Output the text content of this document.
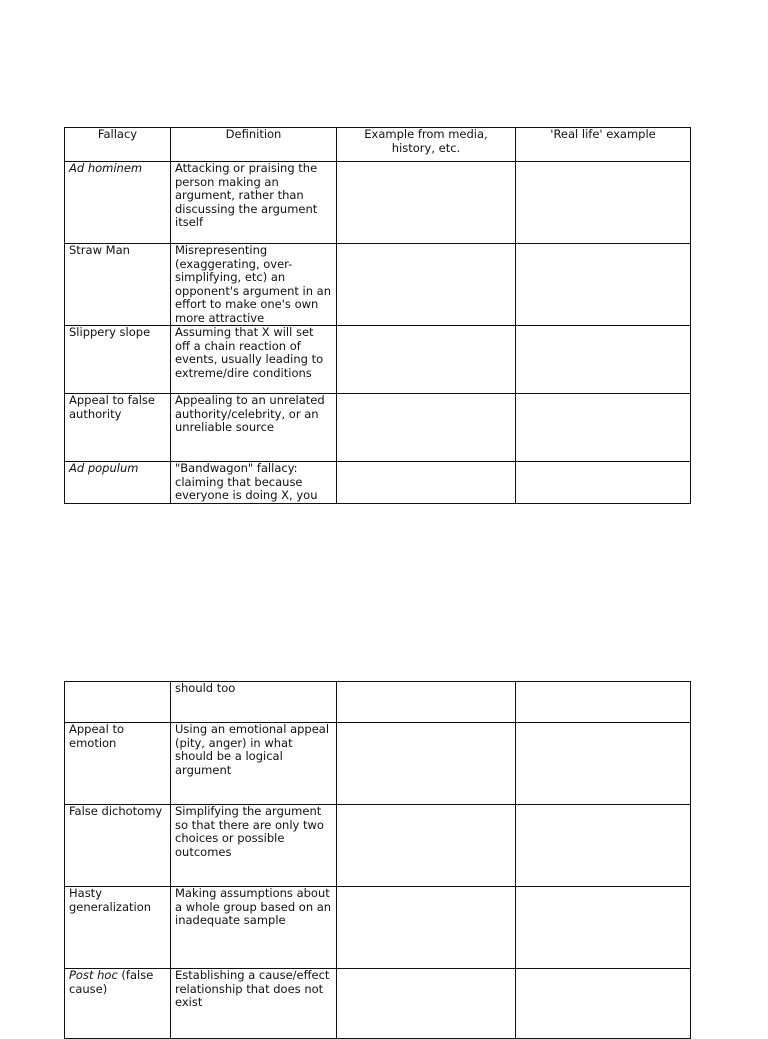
Fallacy	Definition	Example from media, history, etc.	'Real life' example
Ad hominem	Attacking or praising the person making an argument, rather than discussing the argument itself		
Straw Man	Misrepresenting (exaggerating, over-simplifying, etc) an opponent's argument in an effort to make one's own more attractive		
Slippery slope	Assuming that X will set off a chain reaction of events, usually leading to extreme/dire conditions		
Appeal to false authority	Appealing to an unrelated authority/celebrity, or an unreliable source		
Ad populum	"Bandwagon" fallacy: claiming that because everyone is doing X, you		
	should too		
Appeal to emotion	Using an emotional appeal (pity, anger) in what should be a logical argument		
False dichotomy	Simplifying the argument so that there are only two choices or possible outcomes		
Hasty generalization	Making assumptions about a whole group based on an inadequate sample		
Post hoc (false cause)	Establishing a cause/effect relationship that does not exist		
